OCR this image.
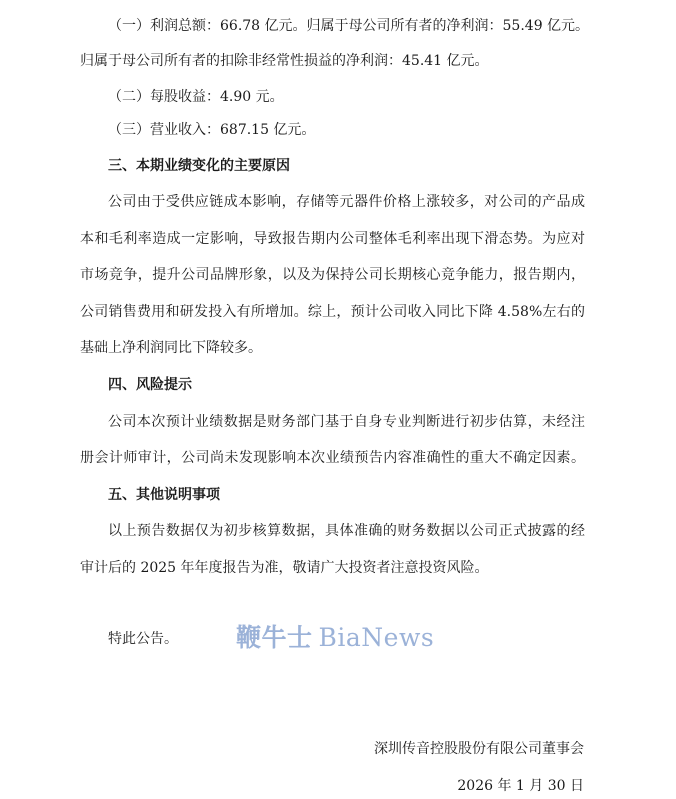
（一）利润总额：66.78 亿元。归属于母公司所有者的净利润：55.49 亿元。
归属于母公司所有者的扣除非经常性损益的净利润：45.41 亿元。
（二）每股收益：4.90 元。
（三）营业收入：687.15 亿元。
三、本期业绩变化的主要原因
公司由于受供应链成本影响，存储等元器件价格上涨较多，对公司的产品成
本和毛利率造成一定影响，导致报告期内公司整体毛利率出现下滑态势。为应对
市场竞争，提升公司品牌形象，以及为保持公司长期核心竞争能力，报告期内，
公司销售费用和研发投入有所增加。综上，预计公司收入同比下降 4.58%左右的
基础上净利润同比下降较多。
四、风险提示
公司本次预计业绩数据是财务部门基于自身专业判断进行初步估算，未经注
册会计师审计，公司尚未发现影响本次业绩预告内容准确性的重大不确定因素。
五、其他说明事项
以上预告数据仅为初步核算数据，具体准确的财务数据以公司正式披露的经
审计后的 2025 年年度报告为准，敬请广大投资者注意投资风险。
特此公告。 鞭牛士 BiaNews
深圳传音控股股份有限公司董事会
2026 年 1 月 30 日
